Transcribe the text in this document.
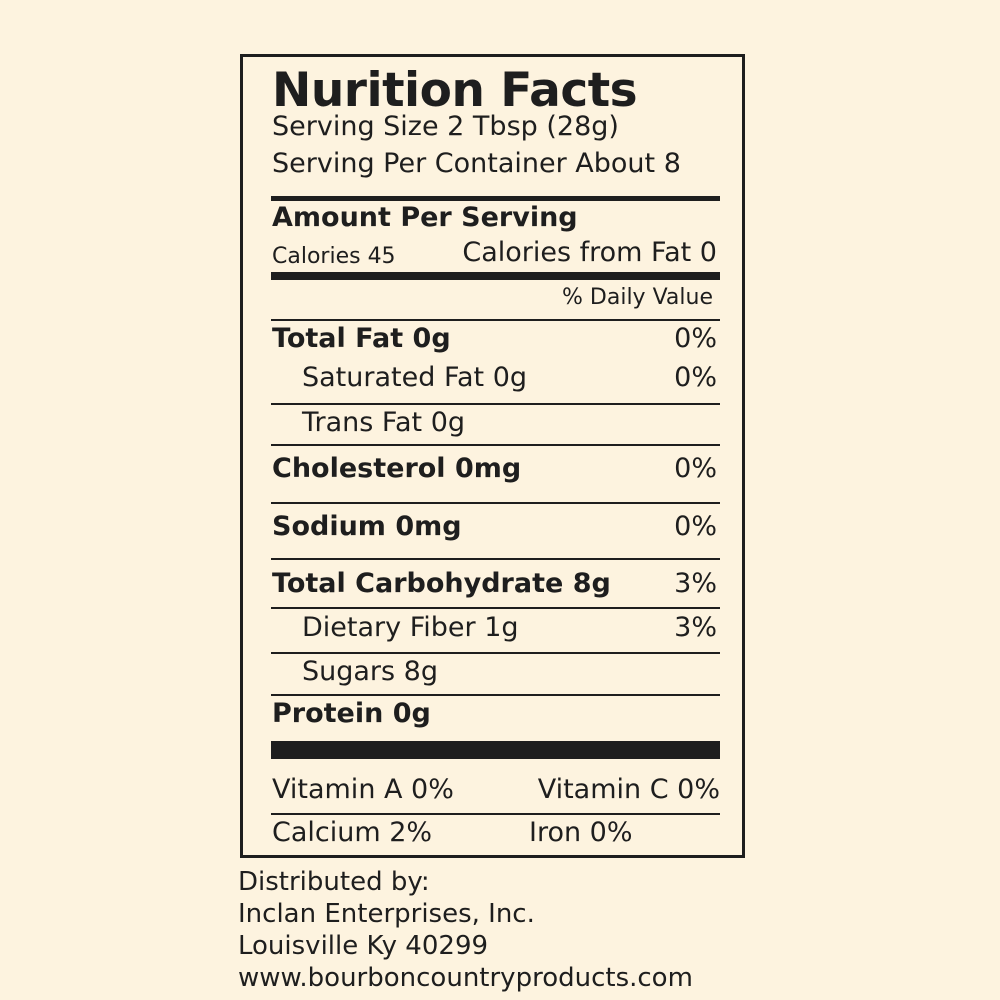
Nurition Facts
Serving Size 2 Tbsp (28g)
Serving Per Container About 8
Amount Per Serving
Calories 45 Calories from Fat 0
% Daily Value
Total Fat 0g	0%
Saturated Fat 0g	0%
Trans Fat 0g
Cholesterol 0mg	0%
Sodium 0mg	0%
Total Carbohydrate 8g 3%
Dietary Fiber 1g	3%
Sugars 8g
Protein 0g
Vitamin A 0%	Vitamin C 0%
Calcium 2%	Iron 0%
Distributed by:
Inclan Enterprises, Inc.
Louisville Ky 40299
www.bourboncountryproducts.com
